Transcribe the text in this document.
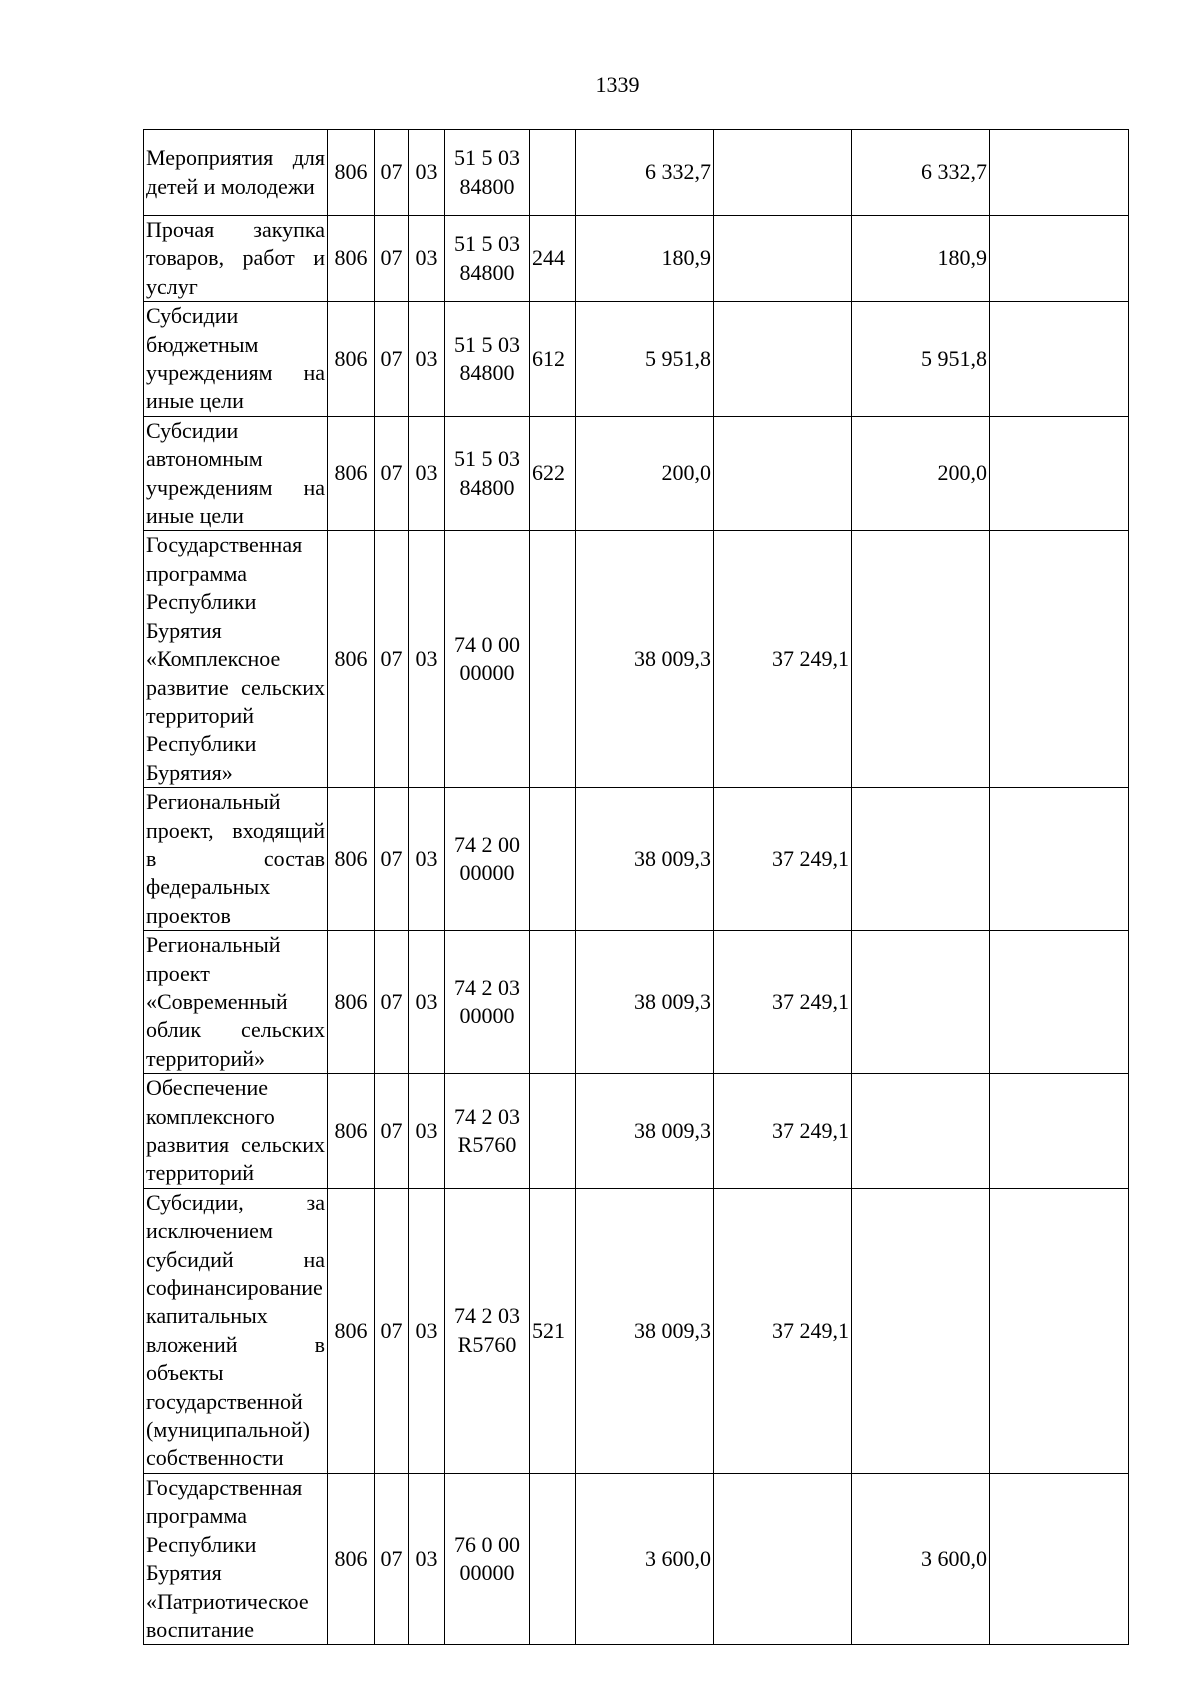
1339
Мероприятия для детей и молодежи	806	07	03	51 5 03 84800		6 332,7		6 332,7	
Прочая закупка товаров, работ и услуг	806	07	03	51 5 03 84800	244	180,9		180,9	
Субсидии бюджетным учреждениям на иные цели	806	07	03	51 5 03 84800	612	5 951,8		5 951,8	
Субсидии автономным учреждениям на иные цели	806	07	03	51 5 03 84800	622	200,0		200,0	
Государственная программа Республики Бурятия «Комплексное развитие сельских территорий Республики Бурятия»	806	07	03	74 0 00 00000		38 009,3	37 249,1		
Региональный проект, входящий в состав федеральных проектов	806	07	03	74 2 00 00000		38 009,3	37 249,1		
Региональный проект «Современный облик сельских территорий»	806	07	03	74 2 03 00000		38 009,3	37 249,1		
Обеспечение комплексного развития сельских территорий	806	07	03	74 2 03 R5760		38 009,3	37 249,1		
Субсидии, за исключением субсидий на софинансирование капитальных вложений в объекты государственной (муниципальной) собственности	806	07	03	74 2 03 R5760	521	38 009,3	37 249,1		
Государственная программа Республики Бурятия «Патриотическое воспитание	806	07	03	76 0 00 00000		3 600,0		3 600,0	
